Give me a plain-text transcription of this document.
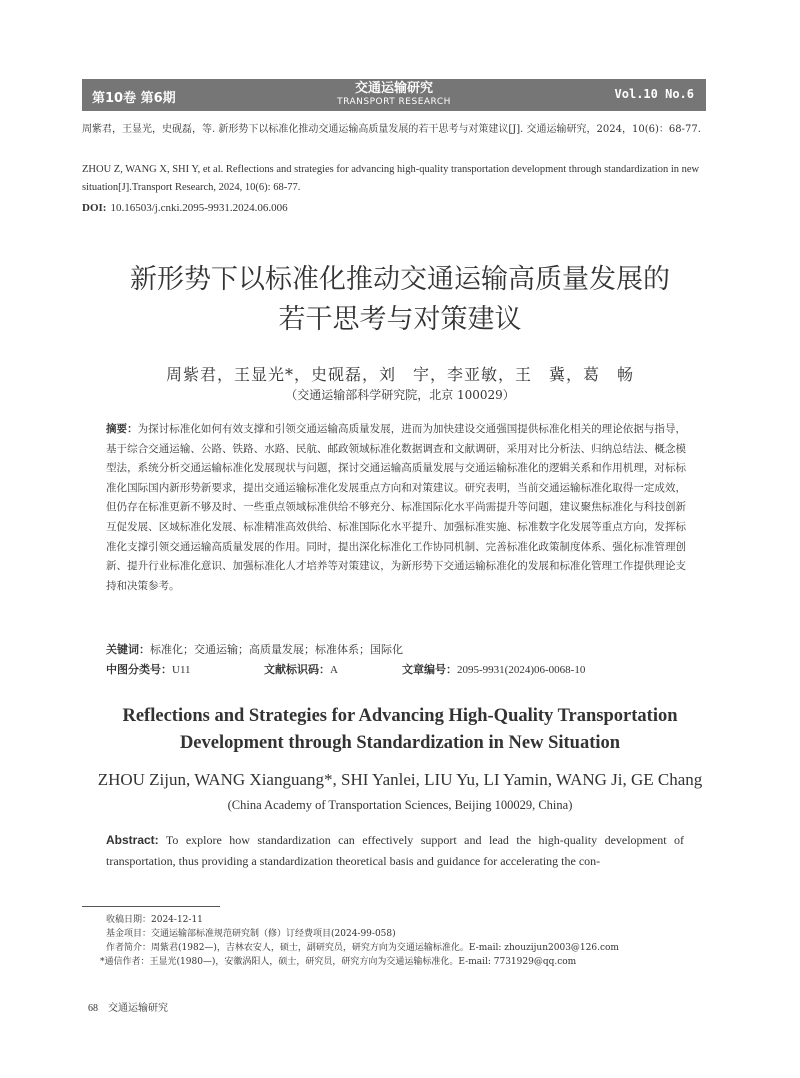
第10卷 第6期
交通运输研究
TRANSPORT RESEARCH
Vol.10 No.6
周紫君，王显光，史砚磊，等. 新形势下以标准化推动交通运输高质量发展的若干思考与对策建议[J]. 交通运输研究，2024，10(6)：68-77.
ZHOU Z, WANG X, SHI Y, et al. Reflections and strategies for advancing high-quality transportation development through standardization in new situation[J].Transport Research, 2024, 10(6): 68-77.
DOI: 10.16503/j.cnki.2095-9931.2024.06.006
新形势下以标准化推动交通运输高质量发展的
若干思考与对策建议
周紫君，王显光*，史砚磊，刘　宇，李亚敏，王　冀，葛　畅
（交通运输部科学研究院，北京 100029）
摘要：为探讨标准化如何有效支撑和引领交通运输高质量发展，进而为加快建设交通强国提供标准化相关的理论依据与指导，基于综合交通运输、公路、铁路、水路、民航、邮政领域标准化数据调查和文献调研，采用对比分析法、归纳总结法、概念模型法，系统分析交通运输标准化发展现状与问题，探讨交通运输高质量发展与交通运输标准化的逻辑关系和作用机理，对标标准化国际国内新形势新要求，提出交通运输标准化发展重点方向和对策建议。研究表明，当前交通运输标准化取得一定成效，但仍存在标准更新不够及时、一些重点领域标准供给不够充分、标准国际化水平尚需提升等问题，建议聚焦标准化与科技创新互促发展、区域标准化发展、标准精准高效供给、标准国际化水平提升、加强标准实施、标准数字化发展等重点方向，发挥标准化支撑引领交通运输高质量发展的作用。同时，提出深化标准化工作协同机制、完善标准化政策制度体系、强化标准管理创新、提升行业标准化意识、加强标准化人才培养等对策建议，为新形势下交通运输标准化的发展和标准化管理工作提供理论支持和决策参考。
关键词：标准化；交通运输；高质量发展；标准体系；国际化
中图分类号：U11	文献标识码：A	文章编号：2095-9931(2024)06-0068-10
Reflections and Strategies for Advancing High-Quality Transportation
Development through Standardization in New Situation
ZHOU Zijun, WANG Xianguang*, SHI Yanlei, LIU Yu, LI Yamin, WANG Ji, GE Chang
(China Academy of Transportation Sciences, Beijing 100029, China)
Abstract: To explore how standardization can effectively support and lead the high-quality development of transportation, thus providing a standardization theoretical basis and guidance for accelerating the con-
收稿日期：2024-12-11
基金项目：交通运输部标准规范研究制（修）订经费项目(2024-99-058)
作者简介：周紫君(1982—)，吉林农安人，硕士，副研究员，研究方向为交通运输标准化。E-mail: zhouzijun2003@126.com
*通信作者：王显光(1980—)，安徽涡阳人，硕士，研究员，研究方向为交通运输标准化。E-mail: 7731929@qq.com
68 交通运输研究
